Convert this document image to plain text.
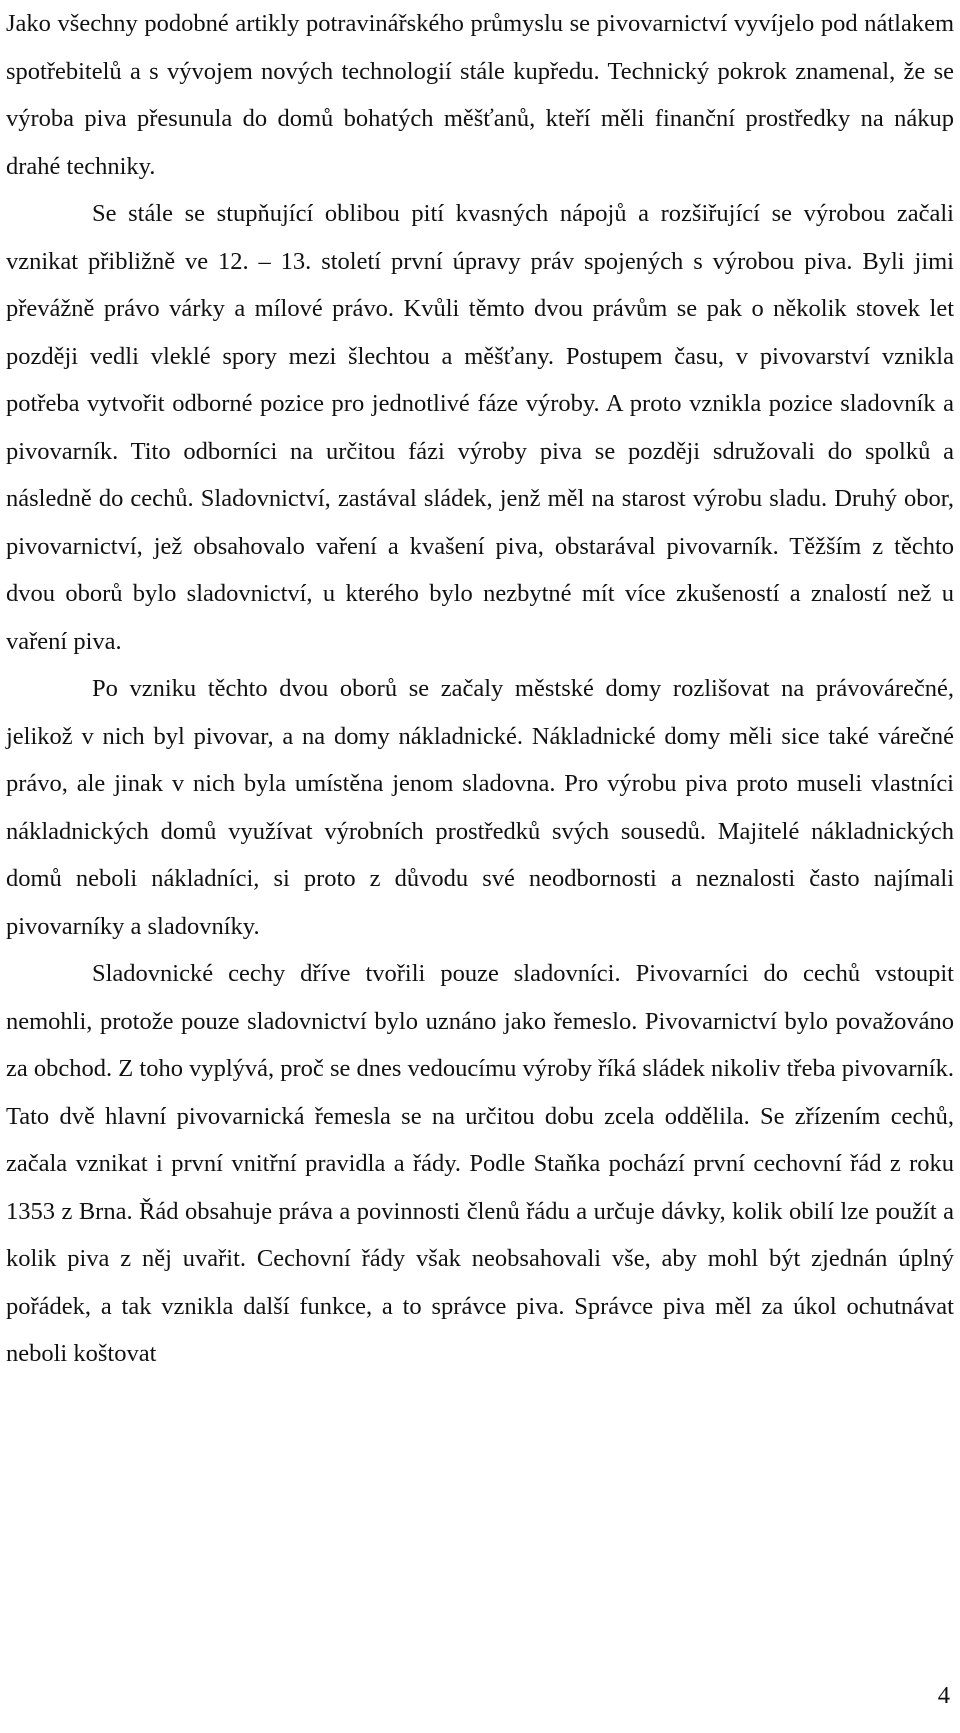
Jako všechny podobné artikly potravinářského průmyslu se pivovarnictví vyvíjelo pod nátlakem spotřebitelů a s vývojem nových technologií stále kupředu. Technický pokrok znamenal, že se výroba piva přesunula do domů bohatých měšťanů, kteří měli finanční prostředky na nákup drahé techniky.

Se stále se stupňující oblibou pití kvasných nápojů a rozšiřující se výrobou začali vznikat přibližně ve 12. – 13. století první úpravy práv spojených s výrobou piva. Byli jimi převážně právo várky a mílové právo. Kvůli těmto dvou právům se pak o několik stovek let později vedli vleklé spory mezi šlechtou a měšťany. Postupem času, v pivovarství vznikla potřeba vytvořit odborné pozice pro jednotlivé fáze výroby. A proto vznikla pozice sladovník a pivovarník. Tito odborníci na určitou fázi výroby piva se později sdružovali do spolků a následně do cechů. Sladovnictví, zastával sládek, jenž měl na starost výrobu sladu. Druhý obor, pivovarnictví, jež obsahovalo vaření a kvašení piva, obstarával pivovarník. Těžším z těchto dvou oborů bylo sladovnictví, u kterého bylo nezbytné mít více zkušeností a znalostí než u vaření piva.

Po vzniku těchto dvou oborů se začaly městské domy rozlišovat na právovárečné, jelikož v nich byl pivovar, a na domy nákladnické. Nákladnické domy měli sice také várečné právo, ale jinak v nich byla umístěna jenom sladovna. Pro výrobu piva proto museli vlastníci nákladnických domů využívat výrobních prostředků svých sousedů. Majitelé nákladnických domů neboli nákladníci, si proto z důvodu své neodbornosti a neznalosti často najímali pivovarníky a sladovníky.

Sladovnické cechy dříve tvořili pouze sladovníci. Pivovarníci do cechů vstoupit nemohli, protože pouze sladovnictví bylo uznáno jako řemeslo. Pivovarnictví bylo považováno za obchod. Z toho vyplývá, proč se dnes vedoucímu výroby říká sládek nikoliv třeba pivovarník. Tato dvě hlavní pivovarnická řemesla se na určitou dobu zcela oddělila. Se zřízením cechů, začala vznikat i první vnitřní pravidla a řády. Podle Staňka pochází první cechovní řád z roku 1353 z Brna. Řád obsahuje práva a povinnosti členů řádu a určuje dávky, kolik obilí lze použít a kolik piva z něj uvařit. Cechovní řády však neobsahovali vše, aby mohl být zjednán úplný pořádek, a tak vznikla další funkce, a to správce piva. Správce piva měl za úkol ochutnávat neboli koštovat

4
